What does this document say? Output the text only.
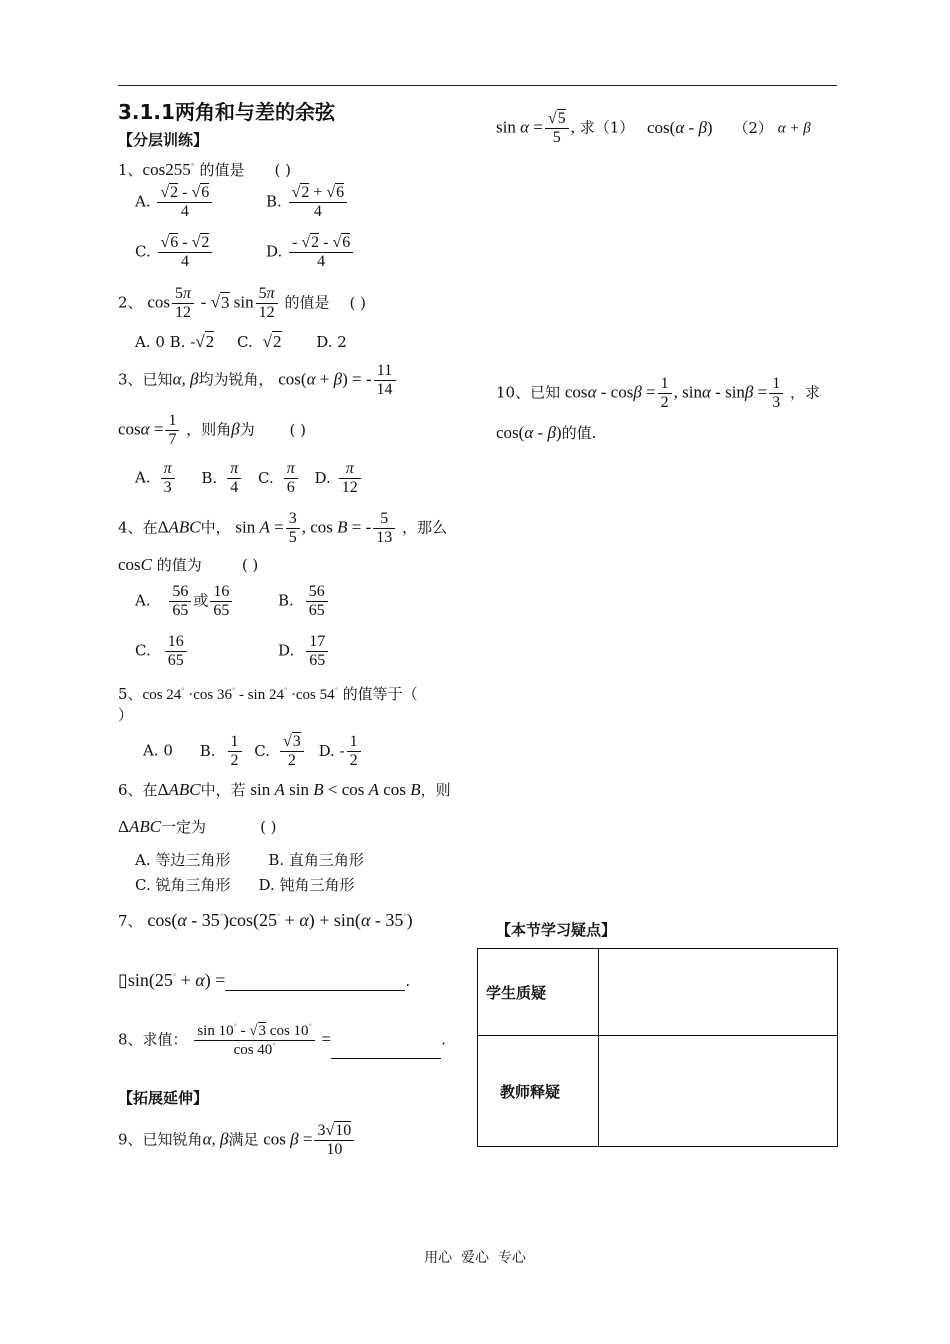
3.1.1两角和与差的余弦
【分层训练】
1、cos255° 的值是 ( )
A. $\frac{√2 - √6}{4}$	B. $\frac{√2 + √6}{4}$
C. $\frac{√6 - √2}{4}$	D. $\frac{- √2 - √6}{4}$
2、 $\cos \frac{5\pi}{12} - √3$ $\sin \frac{5\pi}{12}$ 的值是 ( )
A. 0 B. -√2 C. √2 D. 2
3、已知α, β均为锐角， cos(α + β) = - $\frac{11}{14}$
$\cos\alpha = \frac{1}{7}$ ，则角β为 ( )
A. $\frac{\pi}{3} B$. $\frac{\pi}{4} C$. $\frac{\pi}{6} D$. $\frac{\pi}{12}$
4、在ΔABC中， $\sin A = \frac{3}{5}$ , cos B = - $\frac{5}{13}$ ，那么
cosC 的值为	( )
A. $\frac{56}{65}$ 或 $\frac{16}{65}$	B. $\frac{56}{65}$
C. $\frac{16}{65}$	D. $\frac{17}{65}$
5、cos 24° ·cos 36° - sin 24° ·cos 54° 的值等于（
）
A. 0 B. $\frac{1}{2} C$. $\frac{√3}{2} D$. - $\frac{1}{2}$
6、在ΔABC中，若 sin A sin B < cos A cos B，则
ΔABC一定为	( )
A. 等边三角形	B. 直角三角形
C. 锐角三角形 D. 钝角三角形
7、 cos(α - 35°)cos(25° + α) + sin(α - 35°)
▯sin(25° + α) =	.
8、求值： $\frac{\sin 10^\circ - √3 \cos 10^\circ}{\cos 40^\circ}$ =	.
【拓展延伸】
9、已知锐角α, β满足 $\cos \beta = \frac{3√10}{10}$
$\sin \alpha = \frac{√5}{5}$ , 求（1） cos(α - β) （2） α + β
10、已知 $\cos\alpha - \cos\beta = \frac{1}{2}$ , $\sin\alpha - \sin\beta = \frac{1}{3}$ ，求
cos(α - β)的值.
【本节学习疑点】
学生质疑	
教师释疑	
用心  爱心  专心
